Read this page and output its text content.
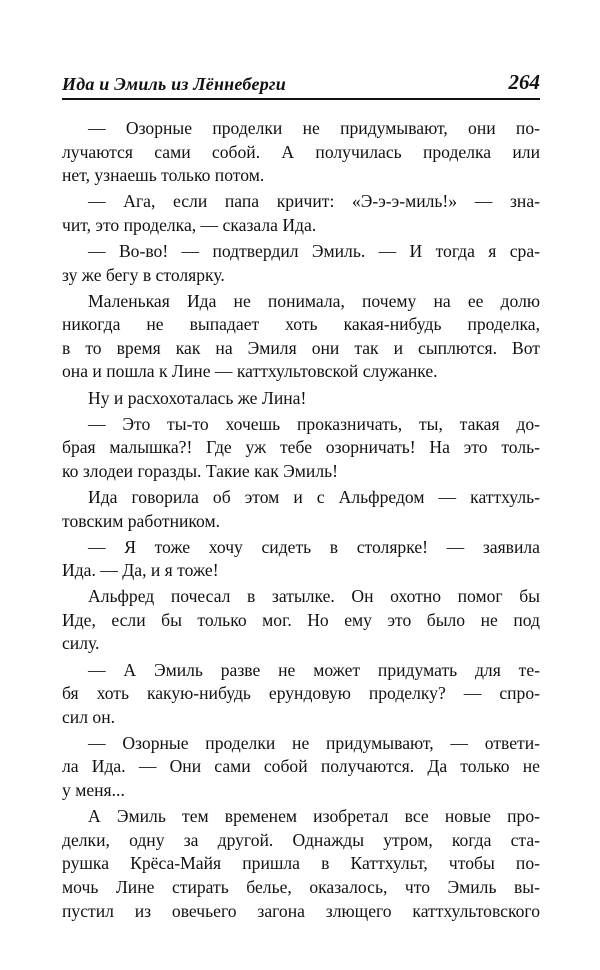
Ида и Эмиль из Лённеберги	264
— Озорные проделки не придумывают, они по-
лучаются сами собой. А получилась проделка или
нет, узнаешь только потом.
— Ага, если папа кричит: «Э-э-э-миль!» — зна-
чит, это проделка, — сказала Ида.
— Во-во! — подтвердил Эмиль. — И тогда я сра-
зу же бегу в столярку.
Маленькая Ида не понимала, почему на ее долю
никогда не выпадает хоть какая-нибудь проделка,
в то время как на Эмиля они так и сыплются. Вот
она и пошла к Лине — каттхультовской служанке.
Ну и расхохоталась же Лина!
— Это ты-то хочешь проказничать, ты, такая до-
брая малышка?! Где уж тебе озорничать! На это толь-
ко злодеи горазды. Такие как Эмиль!
Ида говорила об этом и с Альфредом — каттхуль-
товским работником.
— Я тоже хочу сидеть в столярке! — заявила
Ида. — Да, и я тоже!
Альфред почесал в затылке. Он охотно помог бы
Иде, если бы только мог. Но ему это было не под
силу.
— А Эмиль разве не может придумать для те-
бя хоть какую-нибудь ерундовую проделку? — спро-
сил он.
— Озорные проделки не придумывают, — ответи-
ла Ида. — Они сами собой получаются. Да только не
у меня...
А Эмиль тем временем изобретал все новые про-
делки, одну за другой. Однажды утром, когда ста-
рушка Крёса-Майя пришла в Каттхульт, чтобы по-
мочь Лине стирать белье, оказалось, что Эмиль вы-
пустил из овечьего загона злющего каттхультовского
